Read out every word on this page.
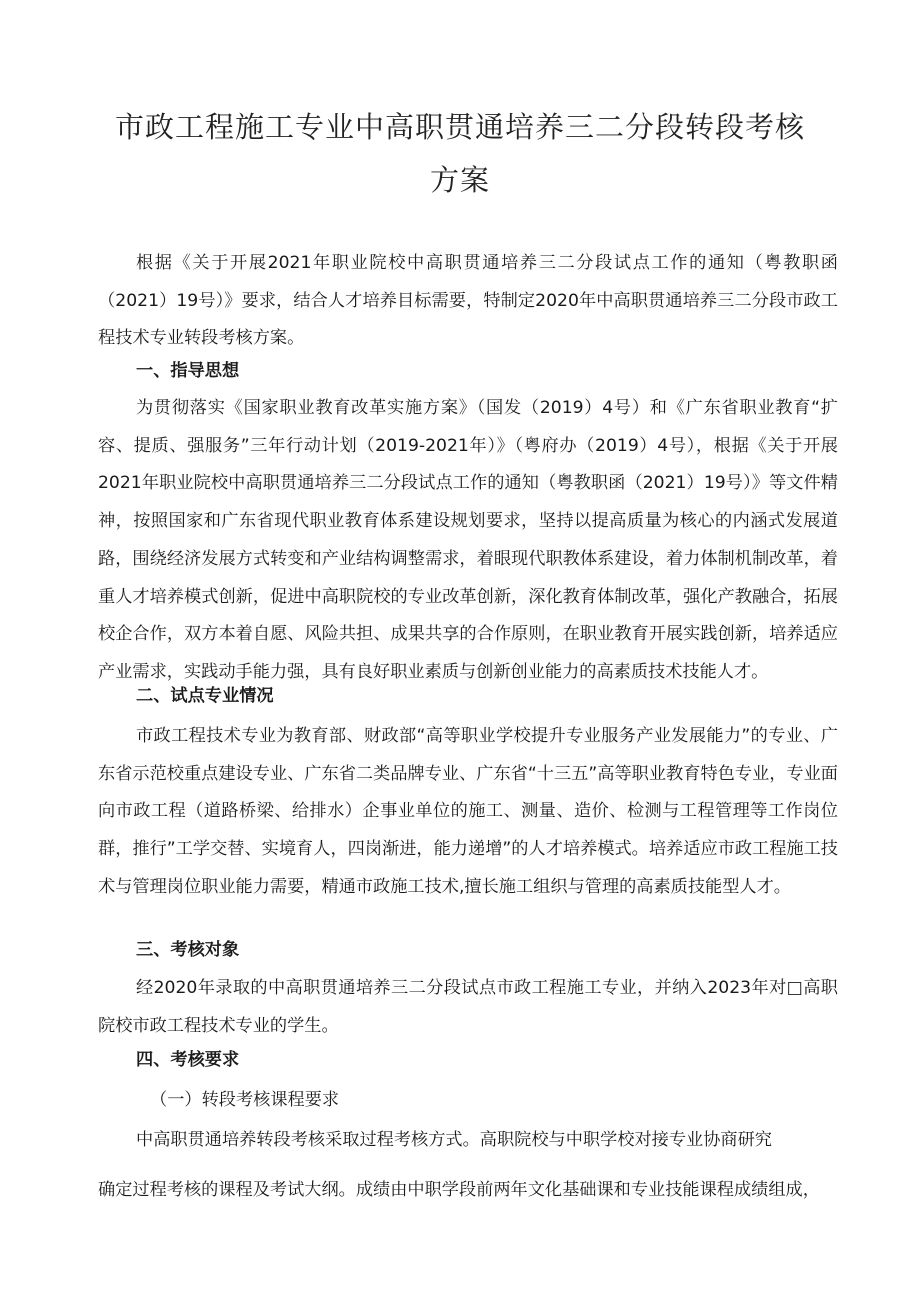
市政工程施工专业中高职贯通培养三二分段转段考核
方案
根据《关于开展2021年职业院校中高职贯通培养三二分段试点工作的通知（粤教职函（2021）19号）》要求，结合人才培养目标需要，特制定2020年中高职贯通培养三二分段市政工程技术专业转段考核方案。
一、指导思想
为贯彻落实《国家职业教育改革实施方案》（国发（2019）4号）和《广东省职业教育“扩容、提质、强服务”三年行动计划（2019-2021年）》（粤府办（2019）4号），根据《关于开展2021年职业院校中高职贯通培养三二分段试点工作的通知（粤教职函（2021）19号）》等文件精神，按照国家和广东省现代职业教育体系建设规划要求，坚持以提高质量为核心的内涵式发展道路，围绕经济发展方式转变和产业结构调整需求，着眼现代职教体系建设，着力体制机制改革，着重人才培养模式创新，促进中高职院校的专业改革创新，深化教育体制改革，强化产教融合，拓展校企合作，双方本着自愿、风险共担、成果共享的合作原则，在职业教育开展实践创新，培养适应产业需求，实践动手能力强，具有良好职业素质与创新创业能力的高素质技术技能人才。
二、试点专业情况
市政工程技术专业为教育部、财政部“高等职业学校提升专业服务产业发展能力”的专业、广东省示范校重点建设专业、广东省二类品牌专业、广东省“十三五”高等职业教育特色专业，专业面向市政工程（道路桥梁、给排水）企事业单位的施工、测量、造价、检测与工程管理等工作岗位群，推行”工学交替、实境育人，四岗渐进，能力递增”的人才培养模式。培养适应市政工程施工技术与管理岗位职业能力需要，精通市政施工技术,擅长施工组织与管理的高素质技能型人才。
三、考核对象
经2020年录取的中高职贯通培养三二分段试点市政工程施工专业，并纳入2023年对□高职院校市政工程技术专业的学生。
四、考核要求
（一）转段考核课程要求
中高职贯通培养转段考核采取过程考核方式。高职院校与中职学校对接专业协商研究
确定过程考核的课程及考试大纲。成绩由中职学段前两年文化基础课和专业技能课程成绩组成，
